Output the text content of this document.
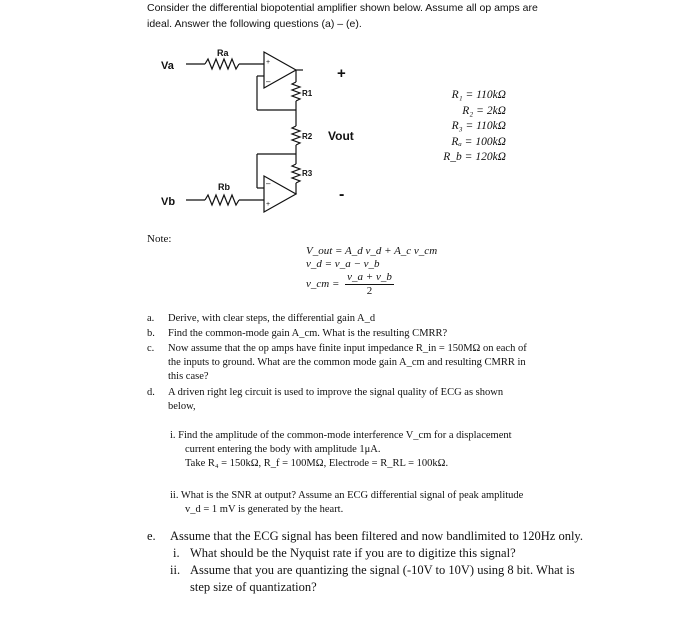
Consider the differential biopotential amplifier shown below. Assume all op amps are
ideal. Answer the following questions (a) – (e).
Va
Ra
+
–
R1
R2
R3
Vout
+
-
–
+
Rb
Vb
R₁ = 110kΩ
R₂ = 2kΩ
R₃ = 110kΩ
Rₐ = 100kΩ
R_b = 120kΩ
Note:
V_out = A_d v_d + A_c v_cm
v_d = v_a − v_b
v_cm = $\frac{v\_a + v\_b}{2}$
a. Derive, with clear steps, the differential gain A_d
b. Find the common-mode gain A_cm. What is the resulting CMRR?
c. Now assume that the op amps have finite input impedance R_in = 150MΩ on each of
the inputs to ground. What are the common mode gain A_cm and resulting CMRR in
this case?
d. A driven right leg circuit is used to improve the signal quality of ECG as shown
below,
i. Find the amplitude of the common-mode interference V_cm for a displacement
current entering the body with amplitude 1μA.
Take R₄ = 150kΩ, R_f = 100MΩ, Electrode = R_RL = 100kΩ.
ii. What is the SNR at output? Assume an ECG differential signal of peak amplitude
v_d = 1 mV is generated by the heart.
e. Assume that the ECG signal has been filtered and now bandlimited to 120Hz only.
i. What should be the Nyquist rate if you are to digitize this signal?
ii. Assume that you are quantizing the signal (-10V to 10V) using 8 bit. What is
step size of quantization?
